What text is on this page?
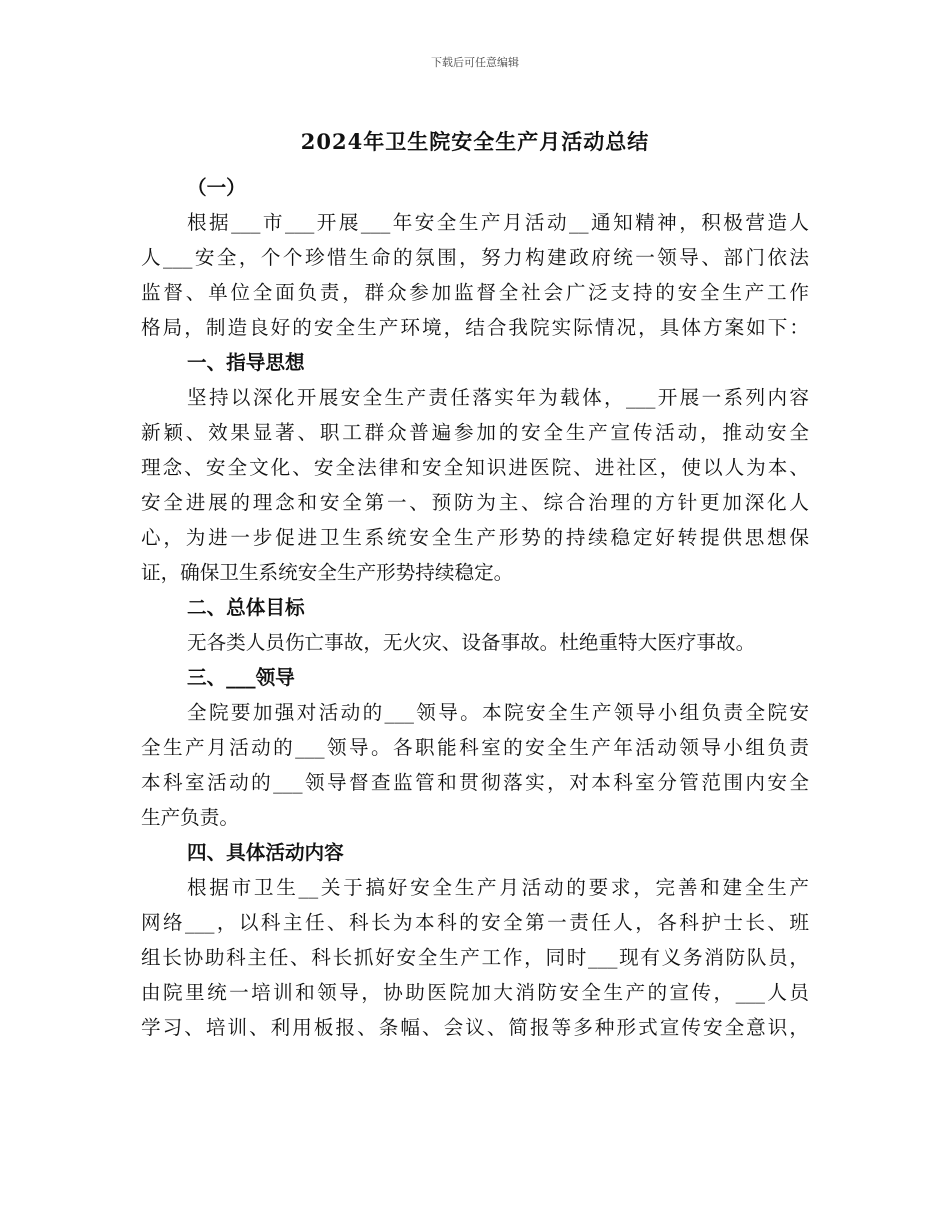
下载后可任意编辑
2024年卫生院安全生产月活动总结
（一）
根据___市___开展___年安全生产月活动__通知精神，积极营造人
人___安全，个个珍惜生命的氛围，努力构建政府统一领导、部门依法
监督、单位全面负责，群众参加监督全社会广泛支持的安全生产工作
格局，制造良好的安全生产环境，结合我院实际情况，具体方案如下：
一、指导思想
坚持以深化开展安全生产责任落实年为载体，___开展一系列内容
新颖、效果显著、职工群众普遍参加的安全生产宣传活动，推动安全
理念、安全文化、安全法律和安全知识进医院、进社区，使以人为本、
安全进展的理念和安全第一、预防为主、综合治理的方针更加深化人
心，为进一步促进卫生系统安全生产形势的持续稳定好转提供思想保
证，确保卫生系统安全生产形势持续稳定。
二、总体目标
无各类人员伤亡事故，无火灾、设备事故。杜绝重特大医疗事故。
三、___领导
全院要加强对活动的___领导。本院安全生产领导小组负责全院安
全生产月活动的___领导。各职能科室的安全生产年活动领导小组负责
本科室活动的___领导督查监管和贯彻落实，对本科室分管范围内安全
生产负责。
四、具体活动内容
根据市卫生__关于搞好安全生产月活动的要求，完善和建全生产
网络___，以科主任、科长为本科的安全第一责任人，各科护士长、班
组长协助科主任、科长抓好安全生产工作，同时___现有义务消防队员，
由院里统一培训和领导，协助医院加大消防安全生产的宣传，___人员
学习、培训、利用板报、条幅、会议、简报等多种形式宣传安全意识，
